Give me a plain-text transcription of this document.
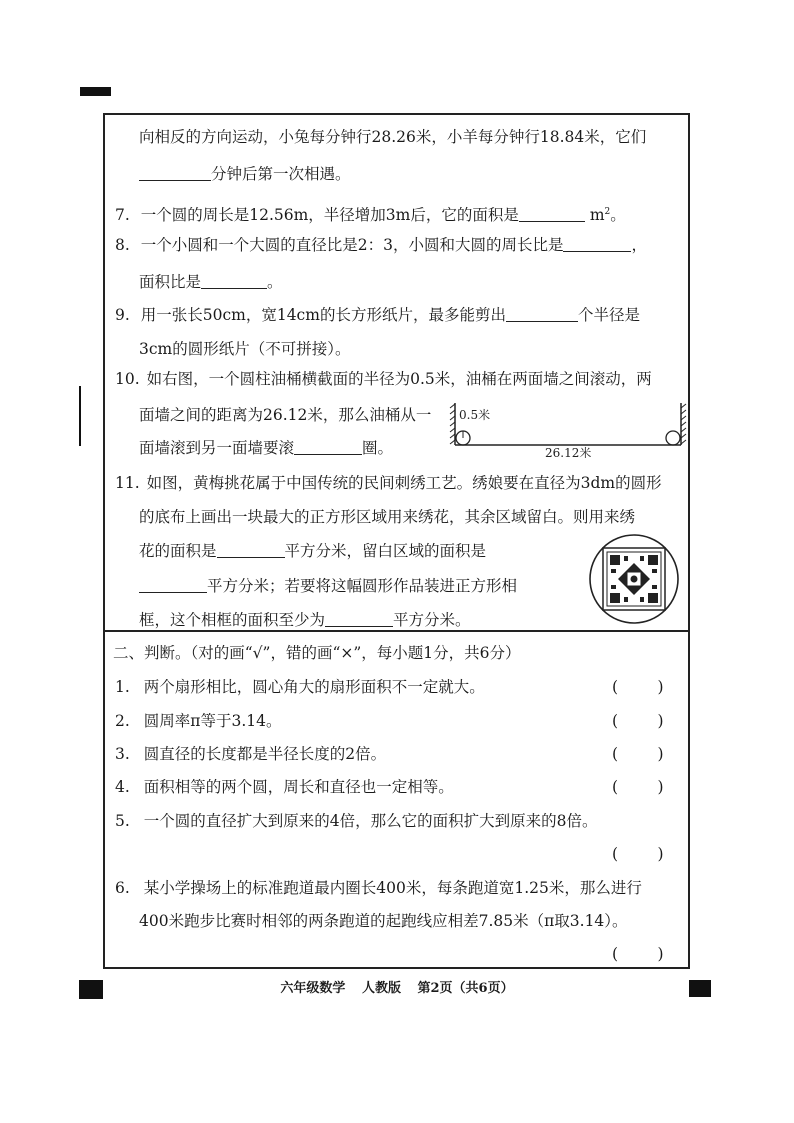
向相反的方向运动，小兔每分钟行28.26米，小羊每分钟行18.84米，它们
分钟后第一次相遇。
7. 一个圆的周长是12.56m，半径增加3m后，它的面积是	$m^2$。
8. 一个小圆和一个大圆的直径比是2：3，小圆和大圆的周长比是	，
面积比是	。
9. 用一张长50cm，宽14cm的长方形纸片，最多能剪出	个半径是
3cm的圆形纸片（不可拼接）。
10. 如右图，一个圆柱油桶横截面的半径为0.5米，油桶在两面墙之间滚动，两
面墙之间的距离为26.12米，那么油桶从一
面墙滚到另一面墙要滚	圈。
0.5米
26.12米
11. 如图，黄梅挑花属于中国传统的民间刺绣工艺。绣娘要在直径为3dm的圆形
的底布上画出一块最大的正方形区域用来绣花，其余区域留白。则用来绣
花的面积是	平方分米，留白区域的面积是
平方分米；若要将这幅圆形作品装进正方形相
框，这个相框的面积至少为	平方分米。
二、判断。（对的画“√”，错的画“×”，每小题1分，共6分）
1. 两个扇形相比，圆心角大的扇形面积不一定就大。	(        )
2. 圆周率π等于3.14。	(        )
3. 圆直径的长度都是半径长度的2倍。	(        )
4. 面积相等的两个圆，周长和直径也一定相等。	(        )
5. 一个圆的直径扩大到原来的4倍，那么它的面积扩大到原来的8倍。
(        )
6. 某小学操场上的标准跑道最内圈长400米，每条跑道宽1.25米，那么进行
400米跑步比赛时相邻的两条跑道的起跑线应相差7.85米（π取3.14）。
(        )
六年级数学 人教版 第2页（共6页）
